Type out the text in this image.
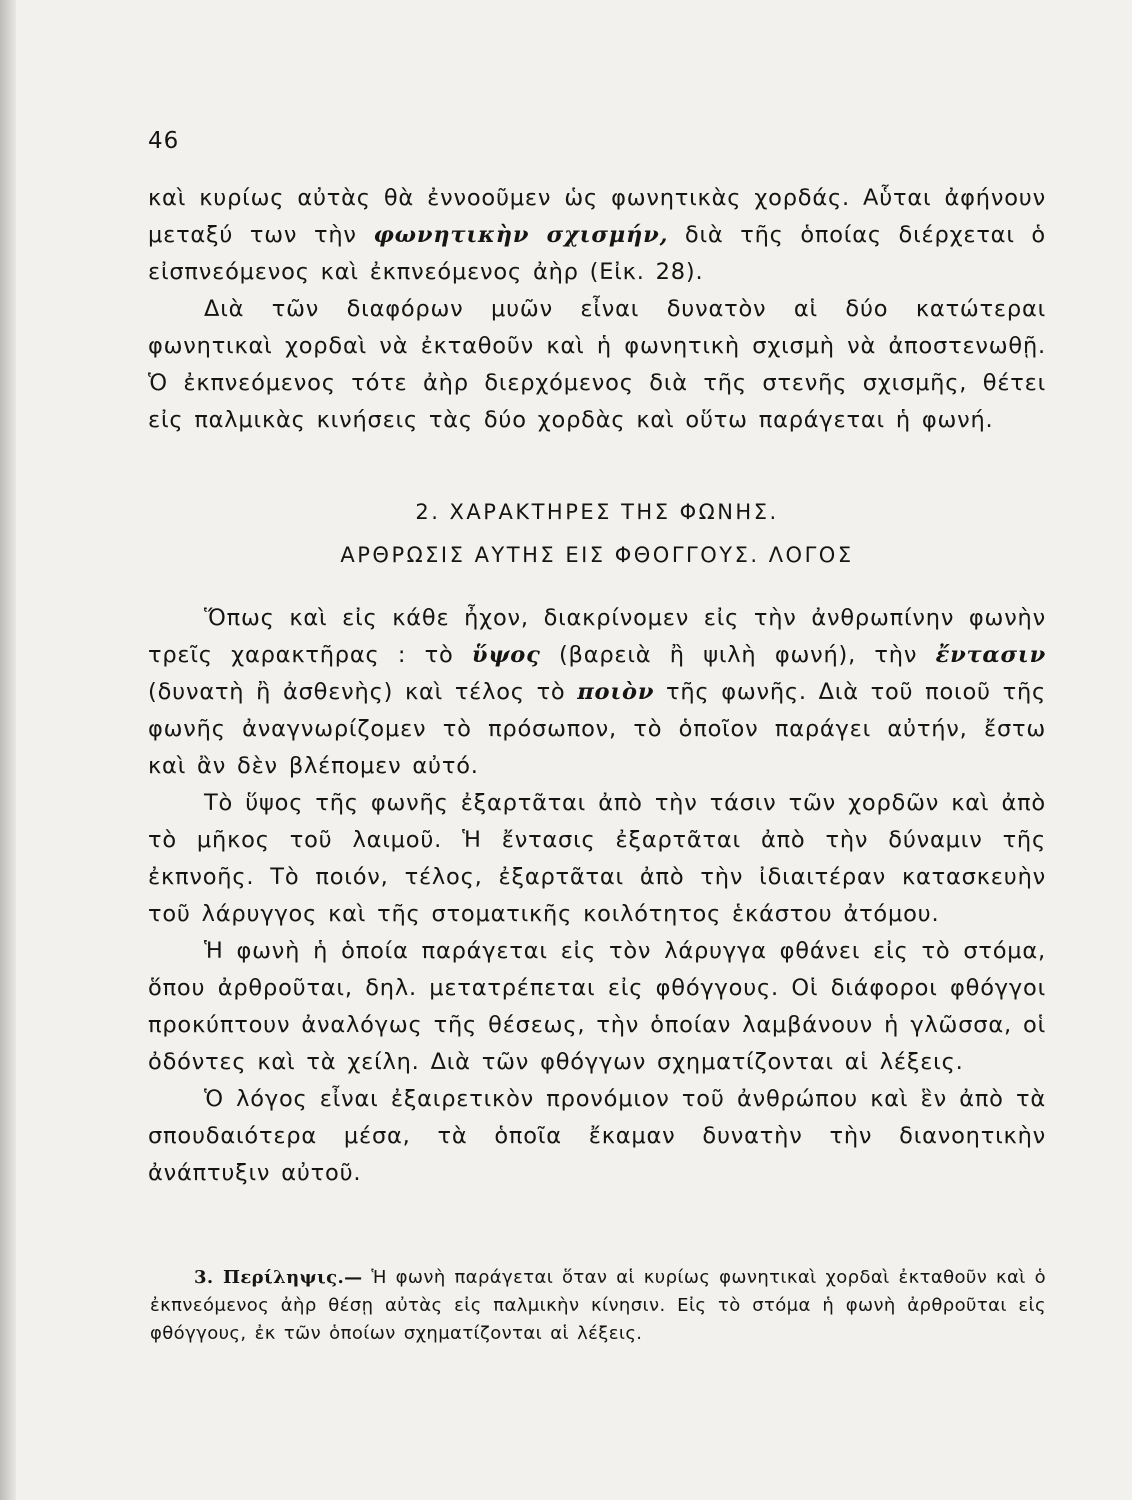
46

καὶ κυρίως αὐτὰς θὰ ἐννοοῦμεν ὡς φωνητικὰς χορδάς. Αὗται ἀφήνουν μεταξύ των τὴν φωνητικὴν σχισμήν, διὰ τῆς ὁποίας διέρχεται ὁ εἰσπνεόμενος καὶ ἐκπνεόμενος ἀὴρ (Εἰκ. 28).

Διὰ τῶν διαφόρων μυῶν εἶναι δυνατὸν αἱ δύο κατώτεραι φωνητικαὶ χορδαὶ νὰ ἐκταθοῦν καὶ ἡ φωνητικὴ σχισμὴ νὰ ἀποστενωθῇ. Ὁ ἐκπνεόμενος τότε ἀὴρ διερχόμενος διὰ τῆς στενῆς σχισμῆς, θέτει εἰς παλμικὰς κινήσεις τὰς δύο χορδὰς καὶ οὕτω παράγεται ἡ φωνή.

2. ΧΑΡΑΚΤΗΡΕΣ ΤΗΣ ΦΩΝΗΣ.
ΑΡΘΡΩΣΙΣ ΑΥΤΗΣ ΕΙΣ ΦΘΟΓΓΟΥΣ. ΛΟΓΟΣ

Ὅπως καὶ εἰς κάθε ἦχον, διακρίνομεν εἰς τὴν ἀνθρωπίνην φωνὴν τρεῖς χαρακτῆρας : τὸ ὕψος (βαρειὰ ἢ ψιλὴ φωνή), τὴν ἔντασιν (δυνατὴ ἢ ἀσθενὴς) καὶ τέλος τὸ ποιὸν τῆς φωνῆς. Διὰ τοῦ ποιοῦ τῆς φωνῆς ἀναγνωρίζομεν τὸ πρόσωπον, τὸ ὁποῖον παράγει αὐτήν, ἔστω καὶ ἂν δὲν βλέπομεν αὐτό.

Τὸ ὕψος τῆς φωνῆς ἐξαρτᾶται ἀπὸ τὴν τάσιν τῶν χορδῶν καὶ ἀπὸ τὸ μῆκος τοῦ λαιμοῦ. Ἡ ἔντασις ἐξαρτᾶται ἀπὸ τὴν δύναμιν τῆς ἐκπνοῆς. Τὸ ποιόν, τέλος, ἐξαρτᾶται ἀπὸ τὴν ἰδιαιτέραν κατασκευὴν τοῦ λάρυγγος καὶ τῆς στοματικῆς κοιλότητος ἑκάστου ἀτόμου.

Ἡ φωνὴ ἡ ὁποία παράγεται εἰς τὸν λάρυγγα φθάνει εἰς τὸ στόμα, ὅπου ἀρθροῦται, δηλ. μετατρέπεται εἰς φθόγγους. Οἱ διάφοροι φθόγγοι προκύπτουν ἀναλόγως τῆς θέσεως, τὴν ὁποίαν λαμβάνουν ἡ γλῶσσα, οἱ ὀδόντες καὶ τὰ χείλη. Διὰ τῶν φθόγγων σχηματίζονται αἱ λέξεις.

Ὁ λόγος εἶναι ἐξαιρετικὸν προνόμιον τοῦ ἀνθρώπου καὶ ἓν ἀπὸ τὰ σπουδαιότερα μέσα, τὰ ὁποῖα ἔκαμαν δυνατὴν τὴν διανοητικὴν ἀνάπτυξιν αὐτοῦ.

3. Περίληψις.— Ἡ φωνὴ παράγεται ὅταν αἱ κυρίως φωνητικαὶ χορδαὶ ἐκταθοῦν καὶ ὁ ἐκπνεόμενος ἀὴρ θέσῃ αὐτὰς εἰς παλμικὴν κίνησιν. Εἰς τὸ στόμα ἡ φωνὴ ἀρθροῦται εἰς φθόγγους, ἐκ τῶν ὁποίων σχηματίζονται αἱ λέξεις.
